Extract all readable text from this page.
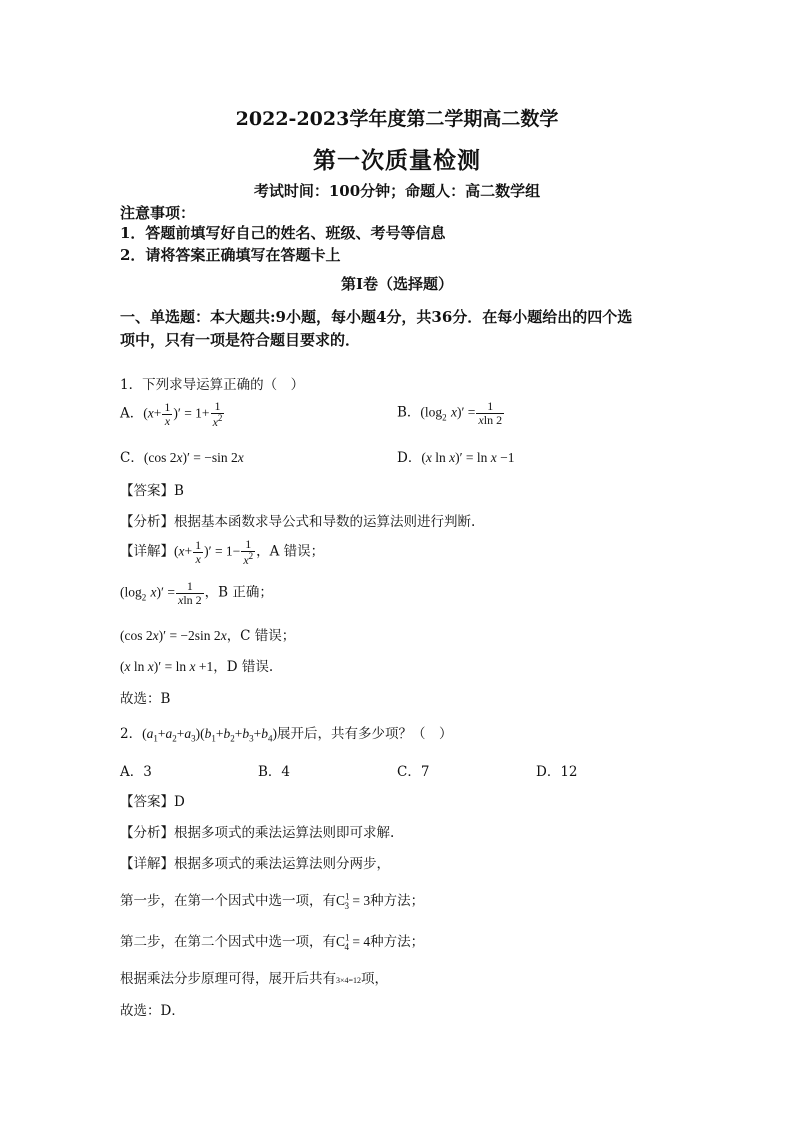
2022-2023学年度第二学期高二数学
第一次质量检测
考试时间：100分钟；命题人：高二数学组
注意事项：
1．答题前填写好自己的姓名、班级、考号等信息
2．请将答案正确填写在答题卡上
第Ⅰ卷（选择题）
一、单选题：本大题共:9小题，每小题4分，共36分．在每小题给出的四个选
项中，只有一项是符合题目要求的．
1．下列求导运算正确的（　）
A．($x+ \frac{1}{x}$ )′ = $1+ \frac{1}{x^2}$	B．($\log_2$ $x)' = \frac{1}{xln 2}$
C．(cos 2x)′ = −sin 2x	D．(x ln x)′ = ln x −1
【答案】B
【分析】根据基本函数求导公式和导数的运算法则进行判断.
【详解】($x+ \frac{1}{x}$ )′ = $1- \frac{1}{x^2}$ ，A 错误；
($\log_2$ $x)' = \frac{1}{xln 2}$ ，B 正确；
(cos 2x)′ = −2sin 2x，C 错误；
(x ln x)′ = ln x +1，D 错误.
故选：B
2．$(a_1+a_2+a_3)(b_1+b_2+b_3+b_4)$展开后，共有多少项？（　）
A．3	B．4	C．7	D．12
【答案】D
【分析】根据多项式的乘法运算法则即可求解.
【详解】根据多项式的乘法运算法则分两步，
第一步，在第一个因式中选一项，有$C^1_3 = 3$种方法；
第二步，在第二个因式中选一项，有$C^1_4 = 4$种方法；
根据乘法分步原理可得，展开后共有3×4=12项，
故选：D．
